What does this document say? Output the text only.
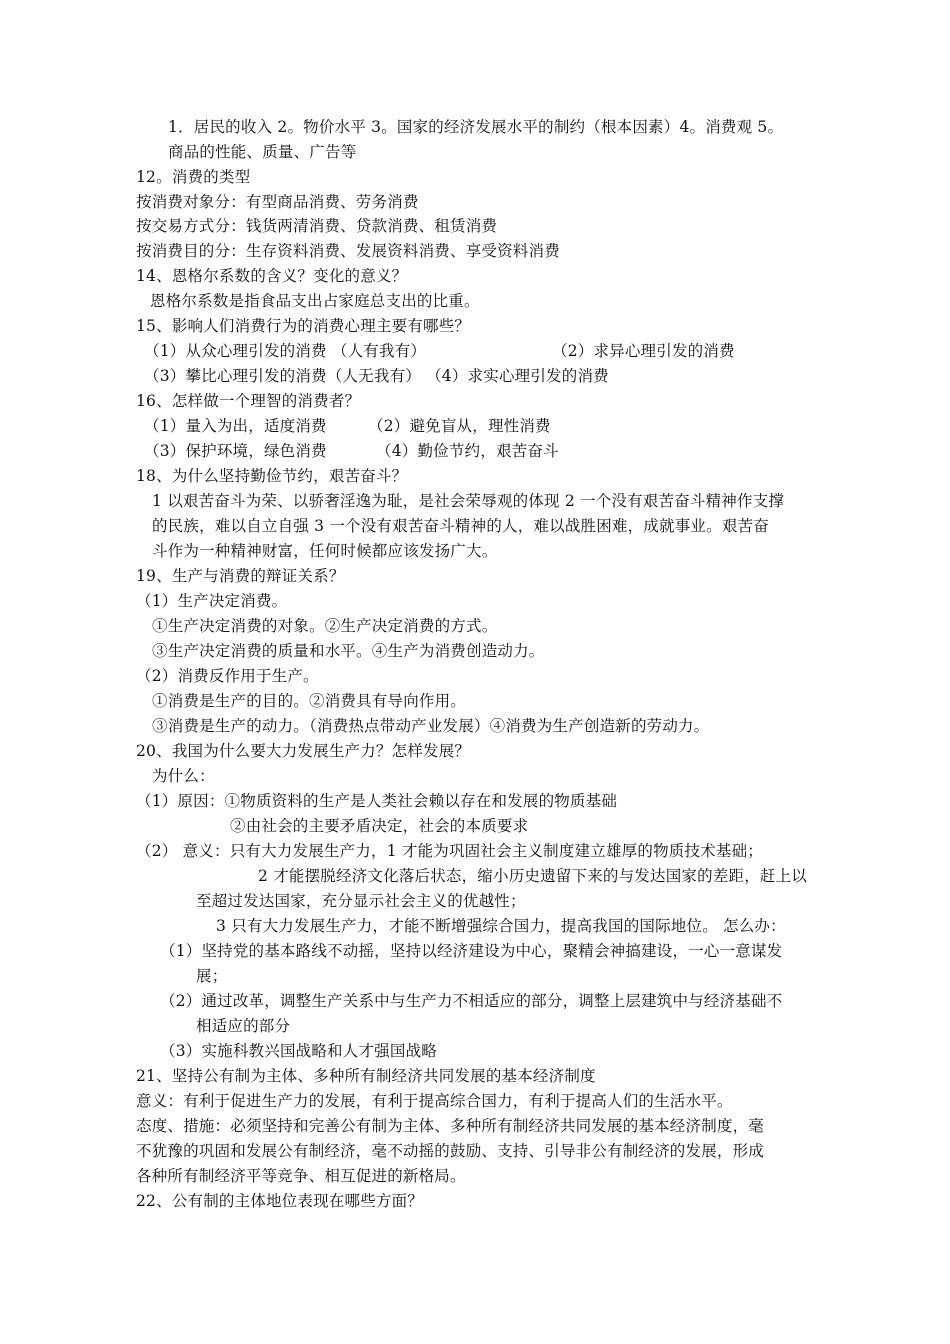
1．居民的收入 2。物价水平 3。国家的经济发展水平的制约（根本因素）4。消费观 5。
商品的性能、质量、广告等
12。消费的类型
按消费对象分：有型商品消费、劳务消费
按交易方式分：钱货两清消费、贷款消费、租赁消费
按消费目的分：生存资料消费、发展资料消费、享受资料消费
14、恩格尔系数的含义？变化的意义？
恩格尔系数是指食品支出占家庭总支出的比重。
15、影响人们消费行为的消费心理主要有哪些？
（1）从众心理引发的消费 （人有我有）	（2）求异心理引发的消费
（3）攀比心理引发的消费（人无我有） （4）求实心理引发的消费
16、怎样做一个理智的消费者？
（1）量入为出，适度消费	（2）避免盲从，理性消费
（3）保护环境，绿色消费	（4）勤俭节约，艰苦奋斗
18、为什么坚持勤俭节约，艰苦奋斗？
1 以艰苦奋斗为荣、以骄奢淫逸为耻，是社会荣辱观的体现 2 一个没有艰苦奋斗精神作支撑
的民族，难以自立自强 3 一个没有艰苦奋斗精神的人，难以战胜困难，成就事业。艰苦奋
斗作为一种精神财富，任何时候都应该发扬广大。
19、生产与消费的辩证关系？
（1）生产决定消费。
①生产决定消费的对象。②生产决定消费的方式。
③生产决定消费的质量和水平。④生产为消费创造动力。
（2）消费反作用于生产。
①消费是生产的目的。②消费具有导向作用。
③消费是生产的动力。（消费热点带动产业发展）④消费为生产创造新的劳动力。
20、我国为什么要大力发展生产力？怎样发展？
为什么：
（1）原因：①物质资料的生产是人类社会赖以存在和发展的物质基础
②由社会的主要矛盾决定，社会的本质要求
（2） 意义：只有大力发展生产力，1 才能为巩固社会主义制度建立雄厚的物质技术基础；
2 才能摆脱经济文化落后状态，缩小历史遗留下来的与发达国家的差距，赶上以
至超过发达国家，充分显示社会主义的优越性；
3 只有大力发展生产力，才能不断增强综合国力，提高我国的国际地位。 怎么办：
（1）坚持党的基本路线不动摇，坚持以经济建设为中心，聚精会神搞建设，一心一意谋发
展；
（2）通过改革，调整生产关系中与生产力不相适应的部分，调整上层建筑中与经济基础不
相适应的部分
（3）实施科教兴国战略和人才强国战略
21、坚持公有制为主体、多种所有制经济共同发展的基本经济制度
意义：有利于促进生产力的发展，有利于提高综合国力，有利于提高人们的生活水平。
态度、措施：必须坚持和完善公有制为主体、多种所有制经济共同发展的基本经济制度，毫
不犹豫的巩固和发展公有制经济，毫不动摇的鼓励、支持、引导非公有制经济的发展，形成
各种所有制经济平等竞争、相互促进的新格局。
22、公有制的主体地位表现在哪些方面？
